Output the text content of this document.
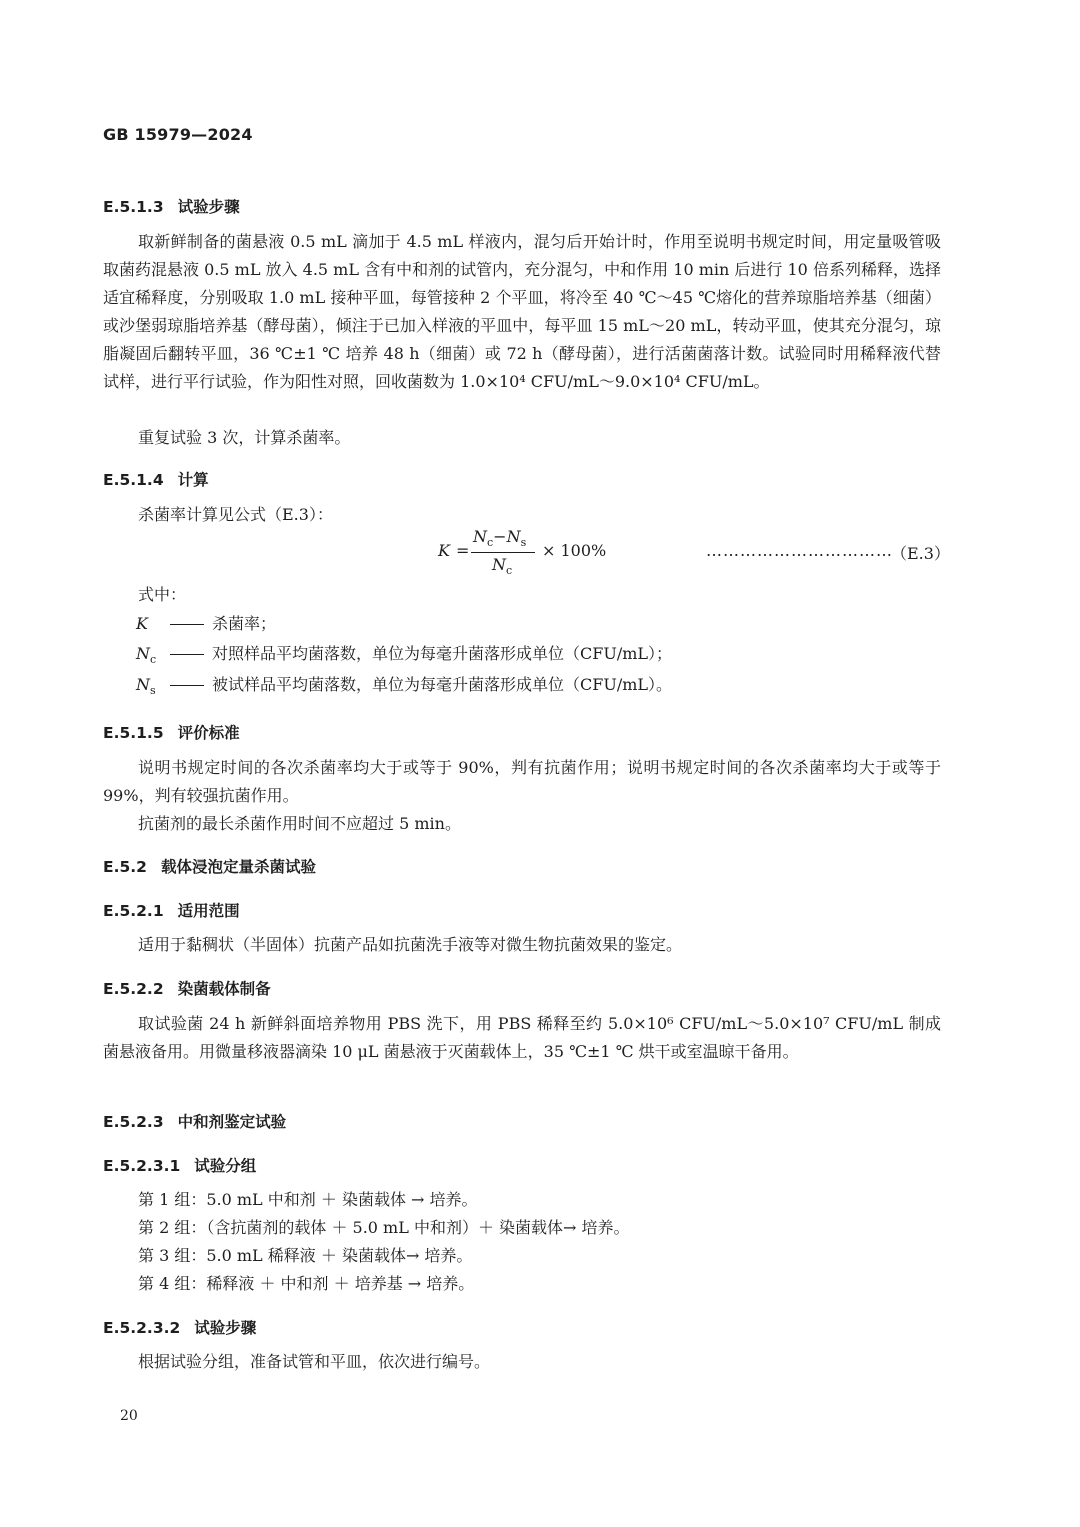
GB 15979—2024
E.5.1.3 试验步骤
取新鲜制备的菌悬液 0.5 mL 滴加于 4.5 mL 样液内，混匀后开始计时，作用至说明书规定时间，用定量吸管吸取菌药混悬液 0.5 mL 放入 4.5 mL 含有中和剂的试管内，充分混匀，中和作用 10 min 后进行 10 倍系列稀释，选择适宜稀释度，分别吸取 1.0 mL 接种平皿，每管接种 2 个平皿，将冷至 40 ℃～45 ℃熔化的营养琼脂培养基（细菌）或沙堡弱琼脂培养基（酵母菌），倾注于已加入样液的平皿中，每平皿 15 mL～20 mL，转动平皿，使其充分混匀，琼脂凝固后翻转平皿，36 ℃±1 ℃ 培养 48 h（细菌）或 72 h（酵母菌），进行活菌菌落计数。试验同时用稀释液代替试样，进行平行试验，作为阳性对照，回收菌数为 1.0×10⁴ CFU/mL～9.0×10⁴ CFU/mL。
重复试验 3 次，计算杀菌率。
E.5.1.4 计算
杀菌率计算见公式（E.3）：
K =
$N_c-N_s$
$N_c$
× 100%	……………………………
（E.3）
式中：
K	杀菌率；
$N_c$	对照样品平均菌落数，单位为每毫升菌落形成单位（CFU/mL）；
$N_s$	被试样品平均菌落数，单位为每毫升菌落形成单位（CFU/mL）。
E.5.1.5 评价标准
说明书规定时间的各次杀菌率均大于或等于 90%，判有抗菌作用；说明书规定时间的各次杀菌率均大于或等于 99%，判有较强抗菌作用。
抗菌剂的最长杀菌作用时间不应超过 5 min。
E.5.2 载体浸泡定量杀菌试验
E.5.2.1 适用范围
适用于黏稠状（半固体）抗菌产品如抗菌洗手液等对微生物抗菌效果的鉴定。
E.5.2.2 染菌载体制备
取试验菌 24 h 新鲜斜面培养物用 PBS 洗下，用 PBS 稀释至约 5.0×10⁶ CFU/mL～5.0×10⁷ CFU/mL 制成菌悬液备用。用微量移液器滴染 10 μL 菌悬液于灭菌载体上，35 ℃±1 ℃ 烘干或室温晾干备用。
E.5.2.3 中和剂鉴定试验
E.5.2.3.1 试验分组
第 1 组：5.0 mL 中和剂 ＋ 染菌载体 → 培养。
第 2 组：（含抗菌剂的载体 ＋ 5.0 mL 中和剂）＋ 染菌载体→ 培养。
第 3 组：5.0 mL 稀释液 ＋ 染菌载体→ 培养。
第 4 组：稀释液 ＋ 中和剂 ＋ 培养基 → 培养。
E.5.2.3.2 试验步骤
根据试验分组，准备试管和平皿，依次进行编号。
20
